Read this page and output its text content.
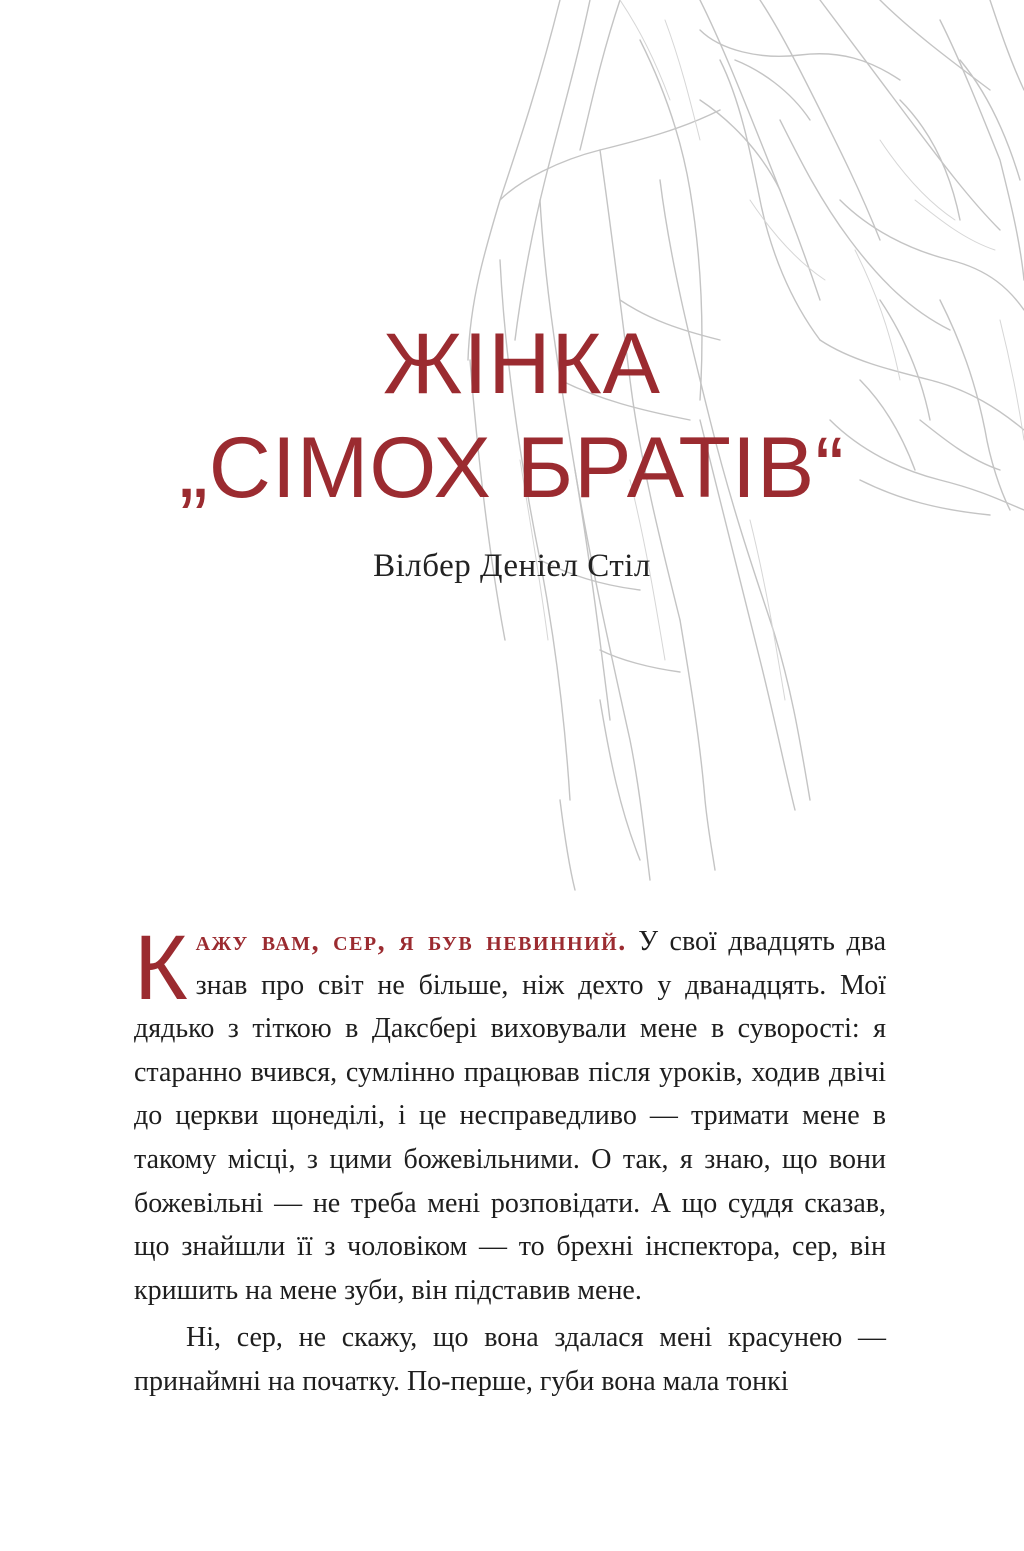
ЖІНКА
„СІМОХ БРАТІВ“
Вілбер Деніел Стіл

Кажу вам, сер, я був невинний. У свої двадцять два знав про світ не більше, ніж дехто у дванадцять. Мої дядько з тіткою в Даксбері виховували мене в суворості: я старанно вчився, сумлінно працював після уроків, ходив двічі до церкви щонеділі, і це несправедливо — тримати мене в такому місці, з цими божевільними. О так, я знаю, що вони божевільні — не треба мені розповідати. А що суддя сказав, що знайшли її з чоловіком — то брехні інспектора, сер, він кришить на мене зуби, він підставив мене.

Ні, сер, не скажу, що вона здалася мені красунею — принаймні на початку. По-перше, губи вона мала тонкі
